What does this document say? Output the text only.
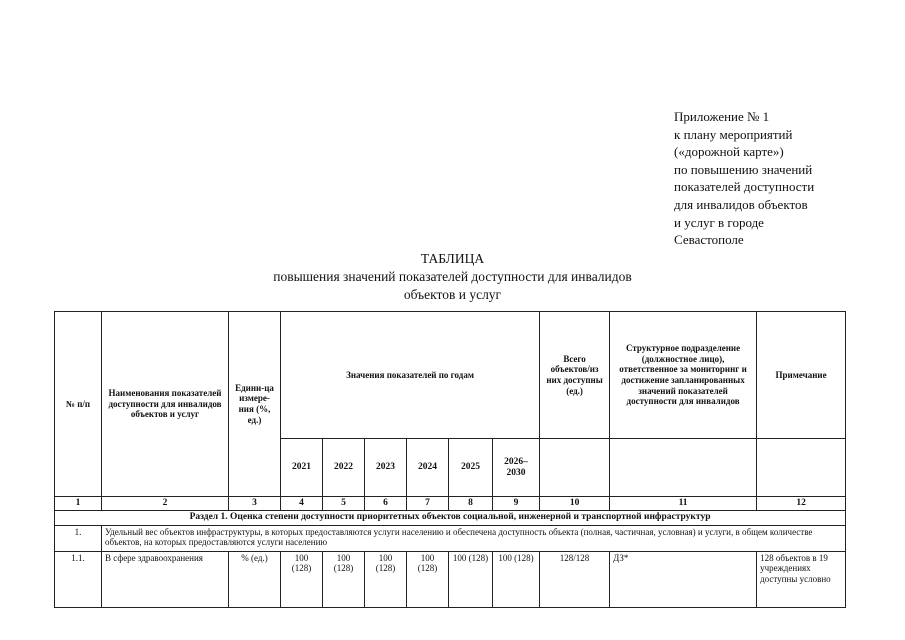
Приложение № 1
к плану мероприятий
(«дорожной карте»)
по повышению значений
показателей доступности
для инвалидов объектов
и услуг в городе
Севастополе
ТАБЛИЦА
повышения значений показателей доступности для инвалидов
объектов и услуг
№ п/п	Наименования показателей доступности для инвалидов объектов и услуг	Едини-ца измере-ния (%, ед.)	Значения показателей по годам						Всего объектов/из них доступны (ед.)	Структурное подразделение (должностное лицо), ответственное за мониторинг и достижение запланированных значений показателей доступности для инвалидов	Примечание
			2021	2022	2023	2024	2025	2026–2030			
1	2	3	4	5	6	7	8	9	10	11	12
Раздел 1. Оценка степени доступности приоритетных объектов социальной, инженерной и транспортной инфраструктур											
1.	Удельный вес объектов инфраструктуры, в которых предоставляются услуги населению и обеспечена доступность объекта (полная, частичная, условная) и услуги, в общем количестве объектов, на которых предоставляются услуги населению										
1.1.	В сфере здравоохранения	% (ед.)	100 (128)	100 (128)	100 (128)	100 (128)	100 (128)	100 (128)	128/128	ДЗ*	128 объектов в 19 учреждениях доступны условно
